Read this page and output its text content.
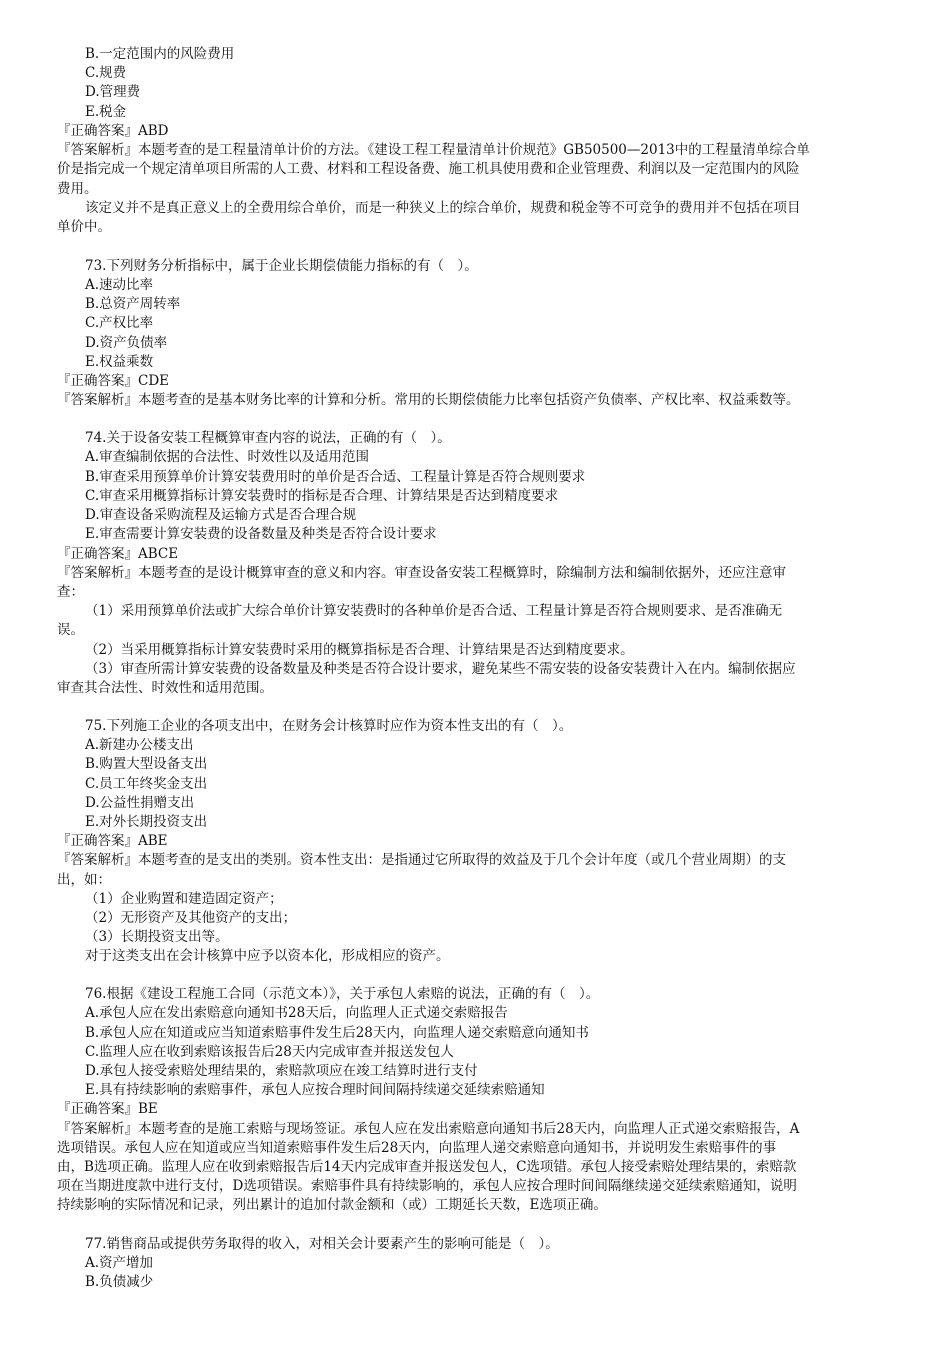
B.一定范围内的风险费用
C.规费
D.管理费
E.税金
『正确答案』ABD
『答案解析』本题考查的是工程量清单计价的方法。《建设工程工程量清单计价规范》GB50500—2013中的工程量清单综合单
价是指完成一个规定清单项目所需的人工费、材料和工程设备费、施工机具使用费和企业管理费、利润以及一定范围内的风险
费用。
该定义并不是真正意义上的全费用综合单价，而是一种狭义上的综合单价，规费和税金等不可竞争的费用并不包括在项目
单价中。
73.下列财务分析指标中，属于企业长期偿债能力指标的有（　）。
A.速动比率
B.总资产周转率
C.产权比率
D.资产负债率
E.权益乘数
『正确答案』CDE
『答案解析』本题考查的是基本财务比率的计算和分析。常用的长期偿债能力比率包括资产负债率、产权比率、权益乘数等。
74.关于设备安装工程概算审查内容的说法，正确的有（　）。
A.审查编制依据的合法性、时效性以及适用范围
B.审查采用预算单价计算安装费用时的单价是否合适、工程量计算是否符合规则要求
C.审查采用概算指标计算安装费时的指标是否合理、计算结果是否达到精度要求
D.审查设备采购流程及运输方式是否合理合规
E.审查需要计算安装费的设备数量及种类是否符合设计要求
『正确答案』ABCE
『答案解析』本题考查的是设计概算审查的意义和内容。审查设备安装工程概算时，除编制方法和编制依据外，还应注意审
查：
（1）采用预算单价法或扩大综合单价计算安装费时的各种单价是否合适、工程量计算是否符合规则要求、是否准确无
误。
（2）当采用概算指标计算安装费时采用的概算指标是否合理、计算结果是否达到精度要求。
（3）审查所需计算安装费的设备数量及种类是否符合设计要求，避免某些不需安装的设备安装费计入在内。编制依据应
审查其合法性、时效性和适用范围。
75.下列施工企业的各项支出中，在财务会计核算时应作为资本性支出的有（　）。
A.新建办公楼支出
B.购置大型设备支出
C.员工年终奖金支出
D.公益性捐赠支出
E.对外长期投资支出
『正确答案』ABE
『答案解析』本题考查的是支出的类别。资本性支出：是指通过它所取得的效益及于几个会计年度（或几个营业周期）的支
出，如：
（1）企业购置和建造固定资产；
（2）无形资产及其他资产的支出；
（3）长期投资支出等。
对于这类支出在会计核算中应予以资本化，形成相应的资产。
76.根据《建设工程施工合同（示范文本）》，关于承包人索赔的说法，正确的有（　）。
A.承包人应在发出索赔意向通知书28天后，向监理人正式递交索赔报告
B.承包人应在知道或应当知道索赔事件发生后28天内，向监理人递交索赔意向通知书
C.监理人应在收到索赔该报告后28天内完成审查并报送发包人
D.承包人接受索赔处理结果的，索赔款项应在竣工结算时进行支付
E.具有持续影响的索赔事件，承包人应按合理时间间隔持续递交延续索赔通知
『正确答案』BE
『答案解析』本题考查的是施工索赔与现场签证。承包人应在发出索赔意向通知书后28天内，向监理人正式递交索赔报告，A
选项错误。承包人应在知道或应当知道索赔事件发生后28天内，向监理人递交索赔意向通知书，并说明发生索赔事件的事
由，B选项正确。监理人应在收到索赔报告后14天内完成审查并报送发包人，C选项错。承包人接受索赔处理结果的，索赔款
项在当期进度款中进行支付，D选项错误。索赔事件具有持续影响的，承包人应按合理时间间隔继续递交延续索赔通知，说明
持续影响的实际情况和记录，列出累计的追加付款金额和（或）工期延长天数，E选项正确。
77.销售商品或提供劳务取得的收入，对相关会计要素产生的影响可能是（　）。
A.资产增加
B.负债减少
